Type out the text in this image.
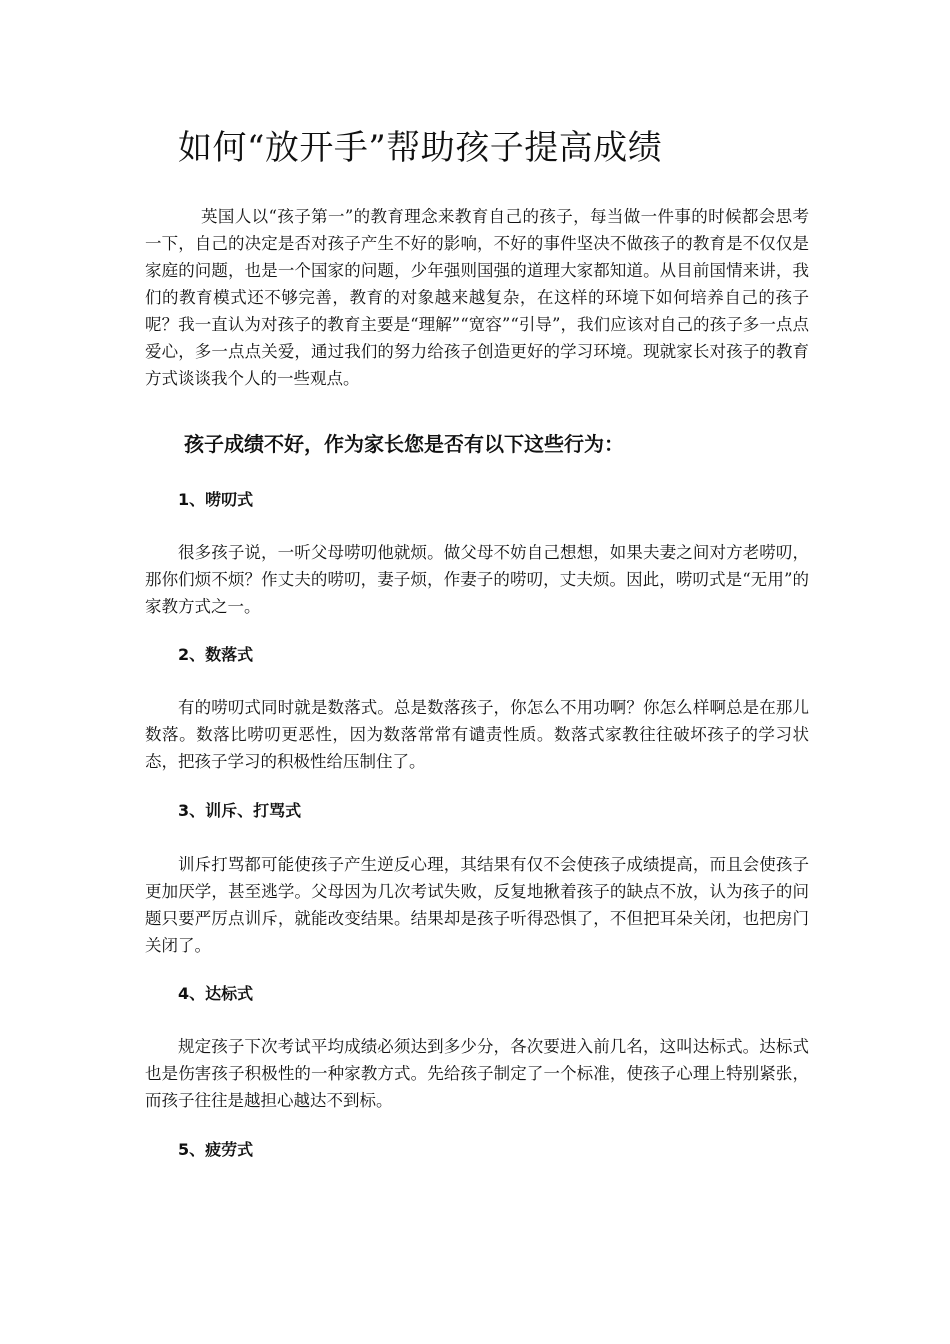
如何“放开手”帮助孩子提高成绩

英国人以“孩子第一”的教育理念来教育自己的孩子，每当做一件事的时候都会思考一下，自己的决定是否对孩子产生不好的影响，不好的事件坚决不做孩子的教育是不仅仅是家庭的问题，也是一个国家的问题，少年强则国强的道理大家都知道。从目前国情来讲，我们的教育模式还不够完善，教育的对象越来越复杂，在这样的环境下如何培养自己的孩子呢？我一直认为对孩子的教育主要是“理解”“宽容”“引导”，我们应该对自己的孩子多一点点爱心，多一点点关爱，通过我们的努力给孩子创造更好的学习环境。现就家长对孩子的教育方式谈谈我个人的一些观点。

孩子成绩不好，作为家长您是否有以下这些行为：
1、唠叨式

很多孩子说，一听父母唠叨他就烦。做父母不妨自己想想，如果夫妻之间对方老唠叨，那你们烦不烦？作丈夫的唠叨，妻子烦，作妻子的唠叨，丈夫烦。因此，唠叨式是“无用”的家教方式之一。

2、数落式

有的唠叨式同时就是数落式。总是数落孩子，你怎么不用功啊？你怎么样啊总是在那儿数落。数落比唠叨更恶性，因为数落常常有谴责性质。数落式家教往往破坏孩子的学习状态，把孩子学习的积极性给压制住了。

3、训斥、打骂式

训斥打骂都可能使孩子产生逆反心理，其结果有仅不会使孩子成绩提高，而且会使孩子更加厌学，甚至逃学。父母因为几次考试失败，反复地揪着孩子的缺点不放，认为孩子的问题只要严厉点训斥，就能改变结果。结果却是孩子听得恐惧了，不但把耳朵关闭，也把房门关闭了。

4、达标式

规定孩子下次考试平均成绩必须达到多少分，各次要进入前几名，这叫达标式。达标式也是伤害孩子积极性的一种家教方式。先给孩子制定了一个标准，使孩子心理上特别紧张，而孩子往往是越担心越达不到标。

5、疲劳式
